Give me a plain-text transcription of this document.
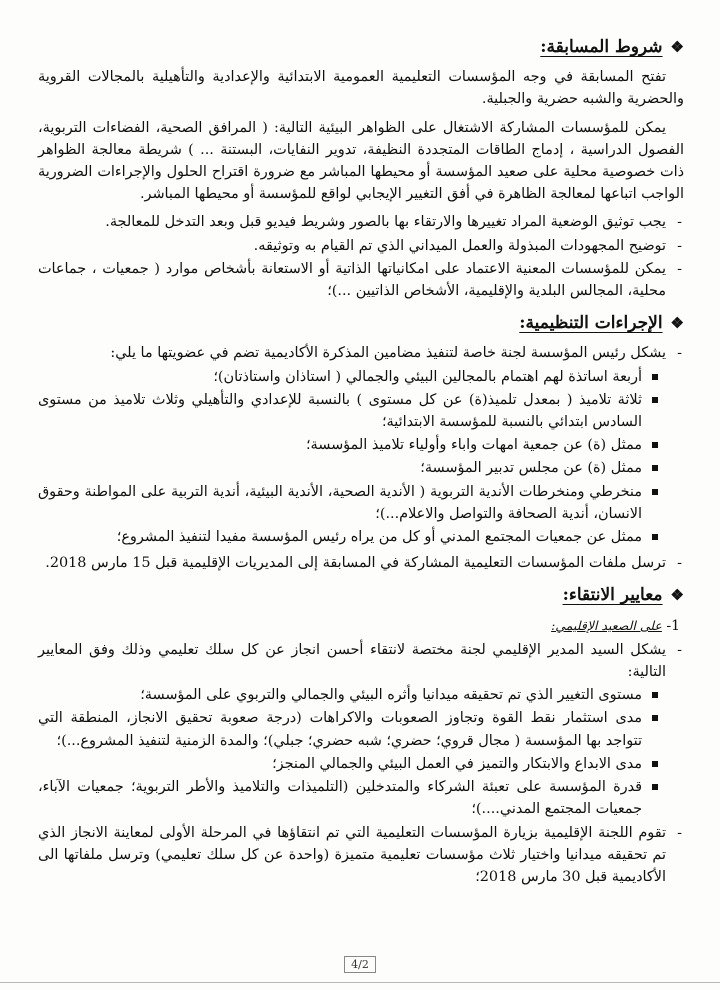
❖
شروط المسابقة:

تفتح المسابقة في وجه المؤسسات التعليمية العمومية الابتدائية والإعدادية والتأهيلية بالمجالات القروية والحضرية والشبه حضرية والجبلية.

يمكن للمؤسسات المشاركة الاشتغال على الظواهر البيئية التالية: ( المرافق الصحية، الفضاءات التربوية، الفصول الدراسية ، إدماج الطاقات المتجددة النظيفة، تدوير النفايات، البستنة ... ) شريطة معالجة الظواهر ذات خصوصية محلية على صعيد المؤسسة أو محيطها المباشر مع ضرورة اقتراح الحلول والإجراءات الضرورية الواجب اتباعها لمعالجة الظاهرة في أفق التغيير الإيجابي لواقع للمؤسسة أو محيطها المباشر.

- يجب توثيق الوضعية المراد تغييرها والارتقاء بها بالصور وشريط فيديو قبل وبعد التدخل للمعالجة.
- توضيح المجهودات المبذولة والعمل الميداني الذي تم القيام به وتوثيقه.
- يمكن للمؤسسات المعنية الاعتماد على امكانياتها الذاتية أو الاستعانة بأشخاص موارد ( جمعيات ، جماعات محلية، المجالس البلدية والإقليمية، الأشخاص الذاتيين ...)؛
❖
الإجراءات التنظيمية:
- يشكل رئيس المؤسسة لجنة خاصة لتنفيذ مضامين المذكرة الأكاديمية تضم في عضويتها ما يلي:
أربعة اساتذة لهم اهتمام بالمجالين البيئي والجمالي ( استاذان واستاذتان)؛
ثلاثة تلاميذ ( بمعدل تلميذ(ة) عن كل مستوى ) بالنسبة للإعدادي والتأهيلي وثلاث تلاميذ من مستوى السادس ابتدائي بالنسبة للمؤسسة الابتدائية؛
ممثل (ة) عن جمعية امهات واباء وأولياء تلاميذ المؤسسة؛
ممثل (ة) عن مجلس تدبير المؤسسة؛
منخرطي ومنخرطات الأندية التربوية ( الأندية الصحية، الأندية البيئية، أندية التربية على المواطنة وحقوق الانسان، أندية الصحافة والتواصل والاعلام...)؛
ممثل عن جمعيات المجتمع المدني أو كل من يراه رئيس المؤسسة مفيدا لتنفيذ المشروع؛
- ترسل ملفات المؤسسات التعليمية المشاركة في المسابقة إلى المديريات الإقليمية قبل 15 مارس 2018.
❖
معايير الانتقاء:
1- على الصعيد الإقليمي:
- يشكل السيد المدير الإقليمي لجنة مختصة لانتقاء أحسن انجاز عن كل سلك تعليمي وذلك وفق المعايير التالية:
مستوى التغيير الذي تم تحقيقه ميدانيا وأثره البيئي والجمالي والتربوي على المؤسسة؛
مدى استثمار نقط القوة وتجاوز الصعوبات والاكراهات (درجة صعوبة تحقيق الانجاز، المنطقة التي تتواجد بها المؤسسة ( مجال قروي؛ حضري؛ شبه حضري؛ جبلي)؛ والمدة الزمنية لتنفيذ المشروع...)؛
مدى الابداع والابتكار والتميز في العمل البيئي والجمالي المنجز؛
قدرة المؤسسة على تعبئة الشركاء والمتدخلين (التلميذات والتلاميذ والأطر التربوية؛ جمعيات الآباء، جمعيات المجتمع المدني....)؛
- تقوم اللجنة الإقليمية بزيارة المؤسسات التعليمية التي تم انتقاؤها في المرحلة الأولى لمعاينة الانجاز الذي تم تحقيقه ميدانيا واختيار ثلاث مؤسسات تعليمية متميزة (واحدة عن كل سلك تعليمي) وترسل ملفاتها الى الأكاديمية قبل 30 مارس 2018؛
4/2
